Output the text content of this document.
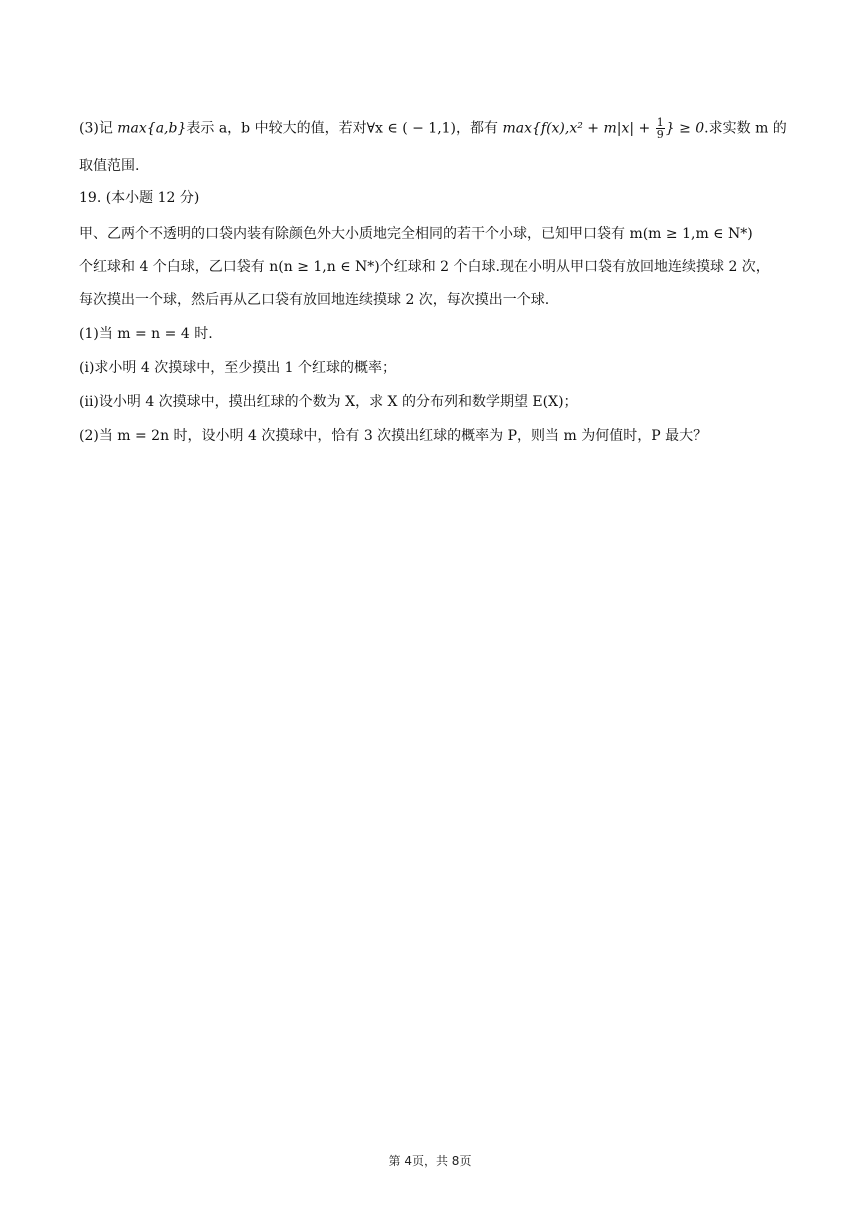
(3)记 max{a,b}表示 a，b 中较大的值，若对∀x ∈ ( − 1,1)，都有 $\max\{f(x),x^2 + m|x| + \frac{1}{9}$ } ≥ 0.求实数 m 的
取值范围.
19. (本小题 12 分)
甲、乙两个不透明的口袋内装有除颜色外大小质地完全相同的若干个小球，已知甲口袋有 m(m ≥ 1,m ∈ N*)
个红球和 4 个白球，乙口袋有 n(n ≥ 1,n ∈ N*)个红球和 2 个白球.现在小明从甲口袋有放回地连续摸球 2 次，
每次摸出一个球，然后再从乙口袋有放回地连续摸球 2 次，每次摸出一个球.
(1)当 m = n = 4 时.
(i)求小明 4 次摸球中，至少摸出 1 个红球的概率；
(ii)设小明 4 次摸球中，摸出红球的个数为 X，求 X 的分布列和数学期望 E(X)；
(2)当 m = 2n 时，设小明 4 次摸球中，恰有 3 次摸出红球的概率为 P，则当 m 为何值时，P 最大？
第 4页，共 8页
